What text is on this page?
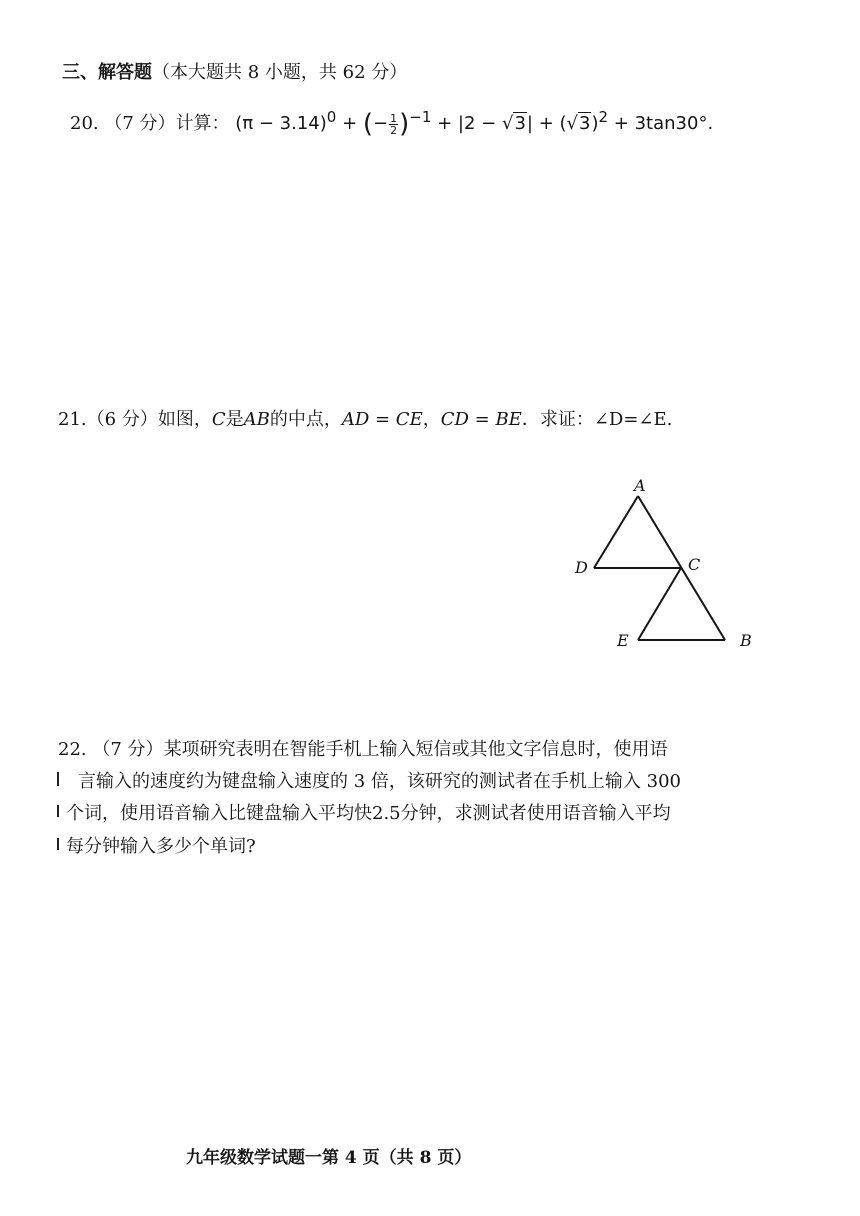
三、解答题（本大题共 8 小题，共 62 分）
20. （7 分）计算： $(\pi - 3.14)^0$ + (− $\frac{1}{2} )^{-1} + |2 - √3| + (√3)^2 + 3\tan 30^\circ$.
21.（6 分）如图，C是AB的中点，AD = CE，CD = BE．求证：∠D=∠E.
A
D	C
E	B
22. （7 分）某项研究表明在智能手机上输入短信或其他文字信息时，使用语
言输入的速度约为键盘输入速度的 3 倍，该研究的测试者在手机上输入 300
个词，使用语音输入比键盘输入平均快2.5分钟，求测试者使用语音输入平均
每分钟输入多少个单词?
九年级数学试题一第 4 页（共 8 页）
